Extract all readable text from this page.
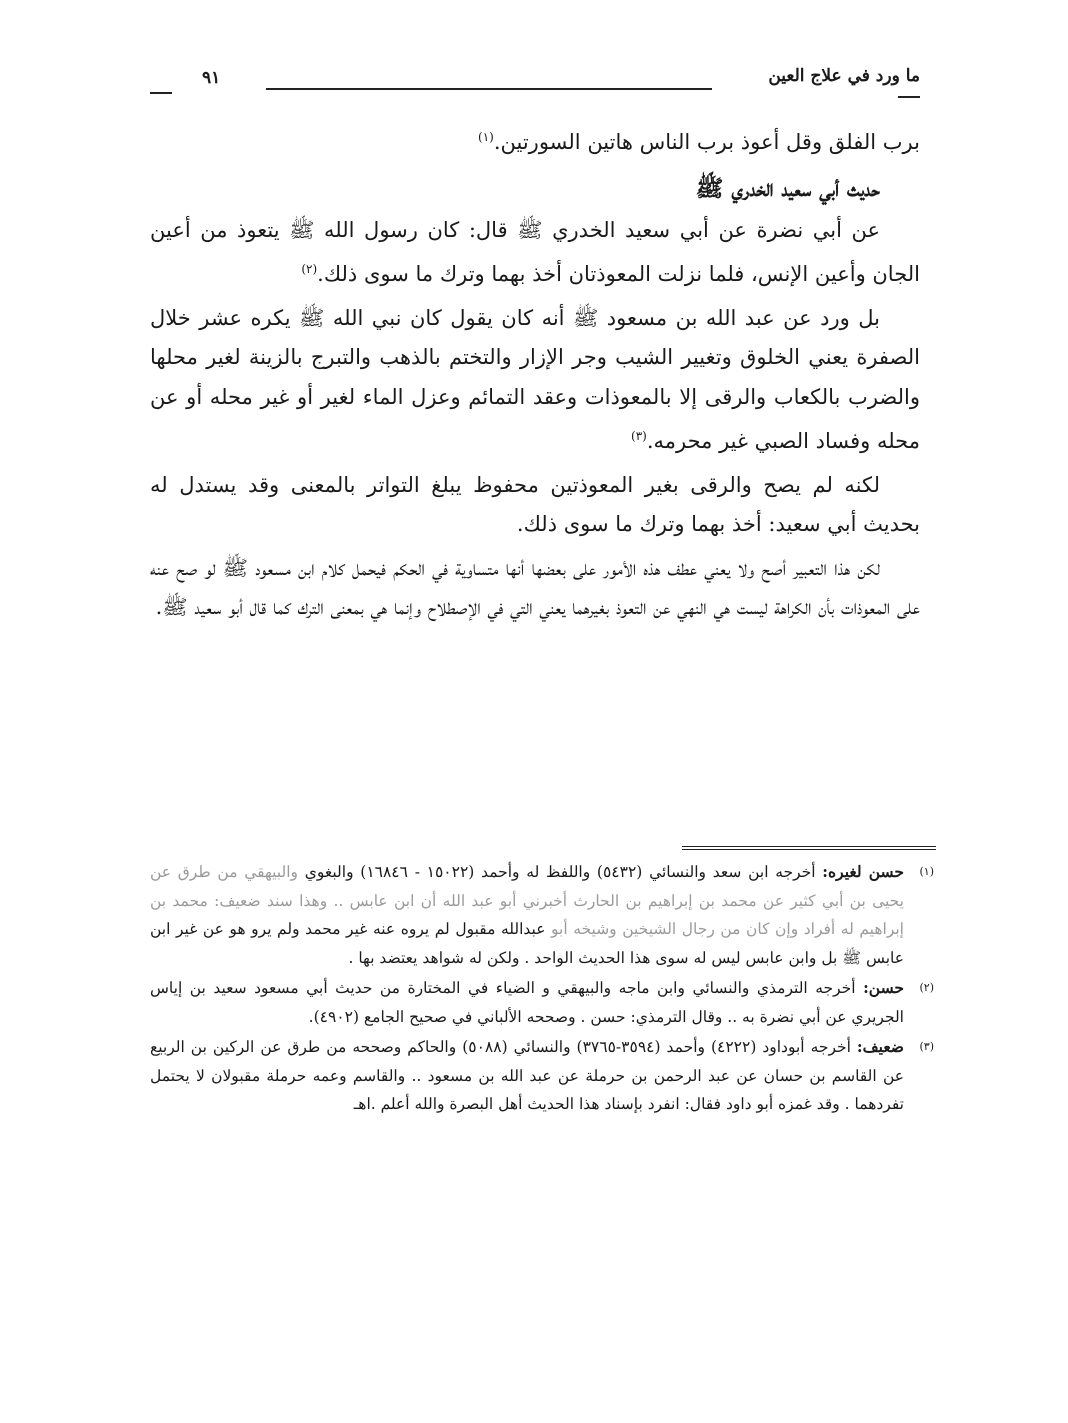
ما ورد في علاج العين
٩١

برب الفلق وقل أعوذ برب الناس هاتين السورتين.$^{(١)}$

حديث أبي سعيد الخدري ﷺ

عن أبي نضرة عن أبي سعيد الخدري ﷺ قال: كان رسول الله ﷺ يتعوذ من أعين الجان وأعين الإنس، فلما نزلت المعوذتان أخذ بهما وترك ما سوى ذلك.$^{(٢)}$

بل ورد عن عبد الله بن مسعود ﷺ أنه كان يقول كان نبي الله ﷺ يكره عشر خلال الصفرة يعني الخلوق وتغيير الشيب وجر الإزار والتختم بالذهب والتبرج بالزينة لغير محلها والضرب بالكعاب والرقى إلا بالمعوذات وعقد التمائم وعزل الماء لغير أو غير محله أو عن محله وفساد الصبي غير محرمه.$^{(٣)}$

لكنه لم يصح والرقى بغير المعوذتين محفوظ يبلغ التواتر بالمعنى وقد يستدل له بحديث أبي سعيد: أخذ بهما وترك ما سوى ذلك.

لكن هذا التعبير أصح ولا يعني عطف هذه الأمور على بعضها أنها متساوية في الحكم فيحمل كلام ابن مسعود ﷺ لو صح عنه على المعوذات بأن الكراهة ليست هي النهي عن التعوذ بغيرهما يعني التي في الإصطلاح وإنما هي بمعنى الترك كما قال أبو سعيد ﷺ.

(١)
حسن لغيره: أخرجه ابن سعد والنسائي (٥٤٣٢) واللفظ له وأحمد (١٥٠٢٢ - ١٦٨٤٦) والبغوي والبيهقي من طرق عن يحيى بن أبي كثير عن محمد بن إبراهيم بن الحارث أخبرني أبو عبد الله أن ابن عابس .. وهذا سند ضعيف: محمد بن إبراهيم له أفراد وإن كان من رجال الشيخين وشيخه أبو عبدالله مقبول لم يروه عنه غير محمد ولم يرو هو عن غير ابن عابس ﷺ بل وابن عابس ليس له سوى هذا الحديث الواحد . ولكن له شواهد يعتضد بها .
(٢)
حسن: أخرجه الترمذي والنسائي وابن ماجه والبيهقي و الضياء في المختارة من حديث أبي مسعود سعيد بن إياس الجريري عن أبي نضرة به .. وقال الترمذي: حسن . وصححه الألباني في صحيح الجامع (٤٩٠٢).
(٣)
ضعيف: أخرجه أبوداود (٤٢٢٢) وأحمد (٣٥٩٤-٣٧٦٥) والنسائي (٥٠٨٨) والحاكم وصححه من طرق عن الركين بن الربيع عن القاسم بن حسان عن عبد الرحمن بن حرملة عن عبد الله بن مسعود .. والقاسم وعمه حرملة مقبولان لا يحتمل تفردهما . وقد غمزه أبو داود فقال: انفرد بإسناد هذا الحديث أهل البصرة والله أعلم .اهـ
